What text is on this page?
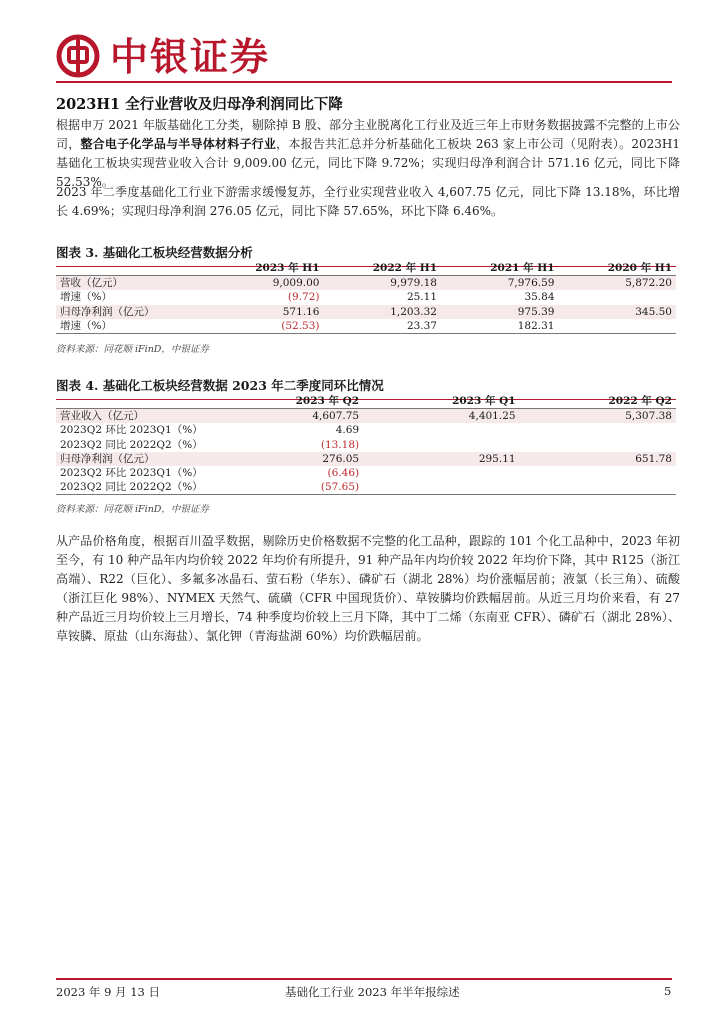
中银证券
2023H1 全行业营收及归母净利润同比下降
根据申万 2021 年版基础化工分类，剔除掉 B 股、部分主业脱离化工行业及近三年上市财务数据披露不完整的上市公司，整合电子化学品与半导体材料子行业，本报告共汇总并分析基础化工板块 263 家上市公司（见附表）。2023H1 基础化工板块实现营业收入合计 9,009.00 亿元，同比下降 9.72%；实现归母净利润合计 571.16 亿元，同比下降 52.53%。
2023 年二季度基础化工行业下游需求缓慢复苏，全行业实现营业收入 4,607.75 亿元，同比下降 13.18%，环比增长 4.69%；实现归母净利润 276.05 亿元，同比下降 57.65%，环比下降 6.46%。
图表 3. 基础化工板块经营数据分析
	2023 年 H1	2022 年 H1	2021 年 H1	2020 年 H1
营收（亿元）	9,009.00	9,979.18	7,976.59	5,872.20
增速（%）	(9.72)	25.11	35.84	
归母净利润（亿元）	571.16	1,203.32	975.39	345.50
增速（%）	(52.53)	23.37	182.31	
资料来源：同花顺 iFinD，中银证券
图表 4. 基础化工板块经营数据 2023 年二季度同环比情况
	2023 年 Q2	2023 年 Q1	2022 年 Q2
营业收入（亿元）	4,607.75	4,401.25	5,307.38
2023Q2 环比 2023Q1（%）	4.69		
2023Q2 同比 2022Q2（%）	(13.18)		
归母净利润（亿元）	276.05	295.11	651.78
2023Q2 环比 2023Q1（%）	(6.46)		
2023Q2 同比 2022Q2（%）	(57.65)		
资料来源：同花顺 iFinD，中银证券
从产品价格角度，根据百川盈孚数据，剔除历史价格数据不完整的化工品种，跟踪的 101 个化工品种中，2023 年初至今，有 10 种产品年内均价较 2022 年均价有所提升，91 种产品年内均价较 2022 年均价下降，其中 R125（浙江高端）、R22（巨化）、多氟多冰晶石、萤石粉（华东）、磷矿石（湖北 28%）均价涨幅居前；液氯（长三角）、硫酸（浙江巨化 98%）、NYMEX 天然气、硫磺（CFR 中国现货价）、草铵膦均价跌幅居前。从近三月均价来看，有 27 种产品近三月均价较上三月增长，74 种季度均价较上三月下降，其中丁二烯（东南亚 CFR）、磷矿石（湖北 28%）、草铵膦、原盐（山东海盐）、氯化钾（青海盐湖 60%）均价跌幅居前。
2023 年 9 月 13 日	基础化工行业 2023 年半年报综述	5
